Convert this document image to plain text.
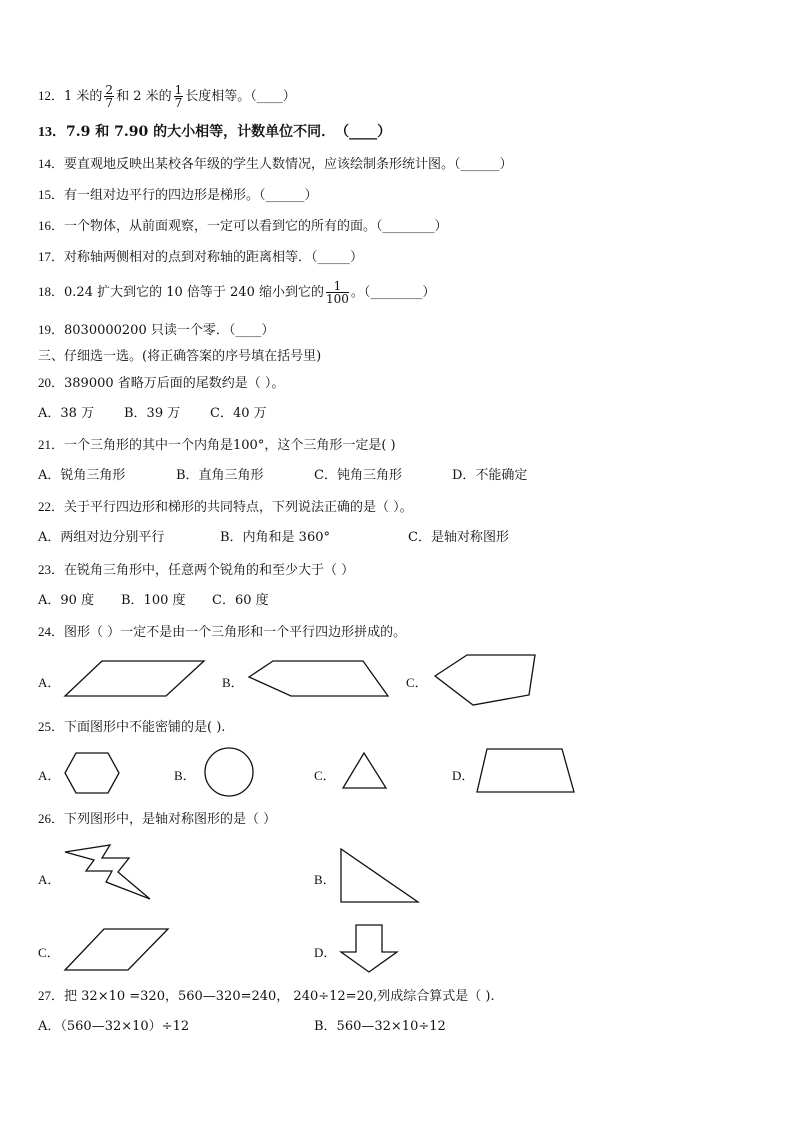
12．1 米的 $\frac{2}{7}$ 和 2 米的 $\frac{1}{7}$ 长度相等。（____）
13．7.9 和 7.90 的大小相等，计数单位不同．　（____）
14．要直观地反映出某校各年级的学生人数情况，应该绘制条形统计图。（______）
15．有一组对边平行的四边形是梯形。（______）
16．一个物体，从前面观察，一定可以看到它的所有的面。（________）
17．对称轴两侧相对的点到对称轴的距离相等．（_____）
18．0.24 扩大到它的 10 倍等于 240 缩小到它的 $\frac{1}{100}$ 。（________）
19．8030000200 只读一个零．（____）
三、仔细选一选。(将正确答案的序号填在括号里)
20．389000 省略万后面的尾数约是（ ）。
A．38 万 B．39 万 C．40 万
21．一个三角形的其中一个内角是100°，这个三角形一定是( )
A．锐角三角形	B．直角三角形	C．钝角三角形	D．不能确定
22．关于平行四边形和梯形的共同特点，下列说法正确的是（ ）。
A．两组对边分别平行	B．内角和是 360°	C．是轴对称图形
23．在锐角三角形中，任意两个锐角的和至少大于（ ）
A．90 度 B．100 度 C．60 度
24．图形（ ）一定不是由一个三角形和一个平行四边形拼成的。
A．	B．	C．
25．下面图形中不能密铺的是( ).
A．	B．	C．	D．
26．下列图形中，是轴对称图形的是（ ）
A．	B．
C．	D．
27．把 32×10 =320，560—320=240， 240÷12=20,列成综合算式是（ ).
A．（560—32×10）÷12	B．560—32×10÷12
